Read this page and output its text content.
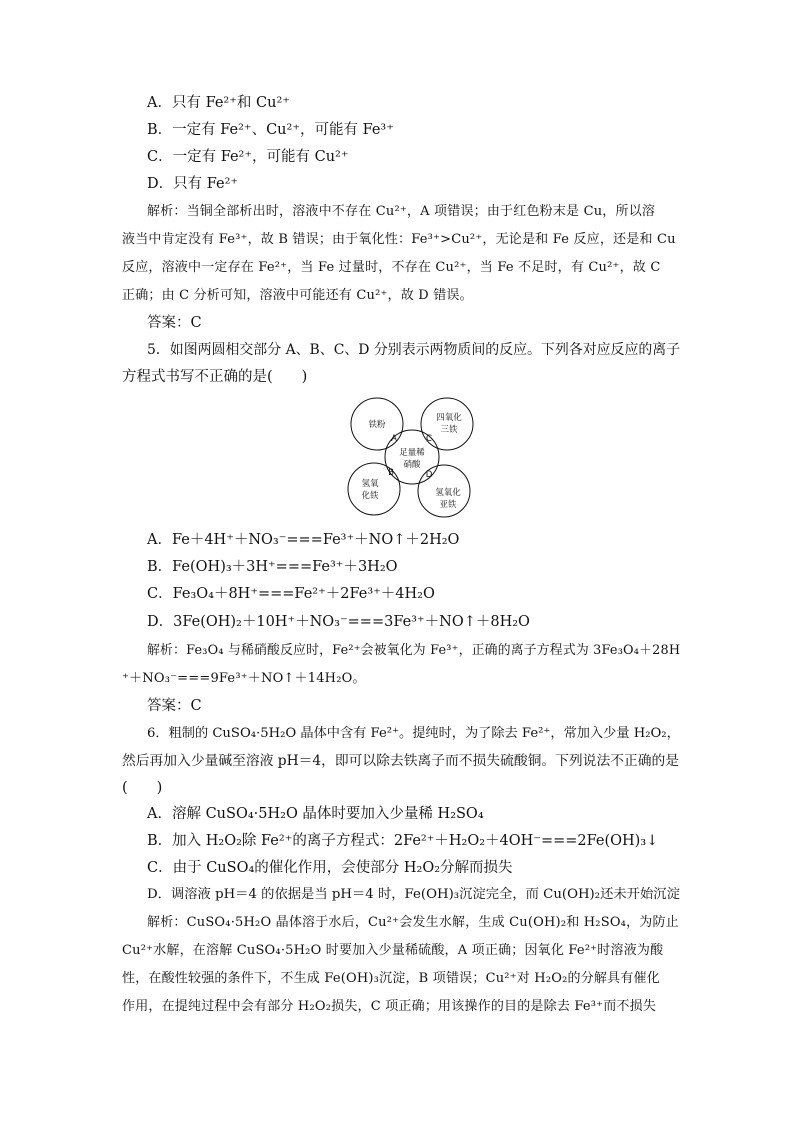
A．只有 Fe²⁺和 Cu²⁺
B．一定有 Fe²⁺、Cu²⁺，可能有 Fe³⁺
C．一定有 Fe²⁺，可能有 Cu²⁺
D．只有 Fe²⁺
解析：当铜全部析出时，溶液中不存在 Cu²⁺，A 项错误；由于红色粉末是 Cu，所以溶
液当中肯定没有 Fe³⁺，故 B 错误；由于氧化性：Fe³⁺>Cu²⁺，无论是和 Fe 反应，还是和 Cu
反应，溶液中一定存在 Fe²⁺，当 Fe 过量时，不存在 Cu²⁺，当 Fe 不足时，有 Cu²⁺，故 C
正确；由 C 分析可知，溶液中可能还有 Cu²⁺，故 D 错误。
答案：C
5．如图两圆相交部分 A、B、C、D 分别表示两物质间的反应。下列各对应反应的离子
方程式书写不正确的是(　　)
铁粉
四氧化
三铁
氢氧
化铁	氢氧化
亚铁
足量稀
硝酸
A	C
B	D
A．Fe＋4H⁺＋NO₃⁻===Fe³⁺＋NO↑＋2H₂O
B．Fe(OH)₃＋3H⁺===Fe³⁺＋3H₂O
C．Fe₃O₄＋8H⁺===Fe²⁺＋2Fe³⁺＋4H₂O
D．3Fe(OH)₂＋10H⁺＋NO₃⁻===3Fe³⁺＋NO↑＋8H₂O
解析：Fe₃O₄ 与稀硝酸反应时，Fe²⁺会被氧化为 Fe³⁺，正确的离子方程式为 3Fe₃O₄＋28H
⁺＋NO₃⁻===9Fe³⁺＋NO↑＋14H₂O。
答案：C
6．粗制的 CuSO₄·5H₂O 晶体中含有 Fe²⁺。提纯时，为了除去 Fe²⁺，常加入少量 H₂O₂，
然后再加入少量碱至溶液 pH＝4，即可以除去铁离子而不损失硫酸铜。下列说法不正确的是
(　　)
A．溶解 CuSO₄·5H₂O 晶体时要加入少量稀 H₂SO₄
B．加入 H₂O₂除 Fe²⁺的离子方程式：2Fe²⁺＋H₂O₂＋4OH⁻===2Fe(OH)₃↓
C．由于 CuSO₄的催化作用，会使部分 H₂O₂分解而损失
D．调溶液 pH＝4 的依据是当 pH＝4 时，Fe(OH)₃沉淀完全，而 Cu(OH)₂还未开始沉淀
解析：CuSO₄·5H₂O 晶体溶于水后，Cu²⁺会发生水解，生成 Cu(OH)₂和 H₂SO₄，为防止
Cu²⁺水解，在溶解 CuSO₄·5H₂O 时要加入少量稀硫酸，A 项正确；因氧化 Fe²⁺时溶液为酸
性，在酸性较强的条件下，不生成 Fe(OH)₃沉淀，B 项错误；Cu²⁺对 H₂O₂的分解具有催化
作用，在提纯过程中会有部分 H₂O₂损失，C 项正确；用该操作的目的是除去 Fe³⁺而不损失
